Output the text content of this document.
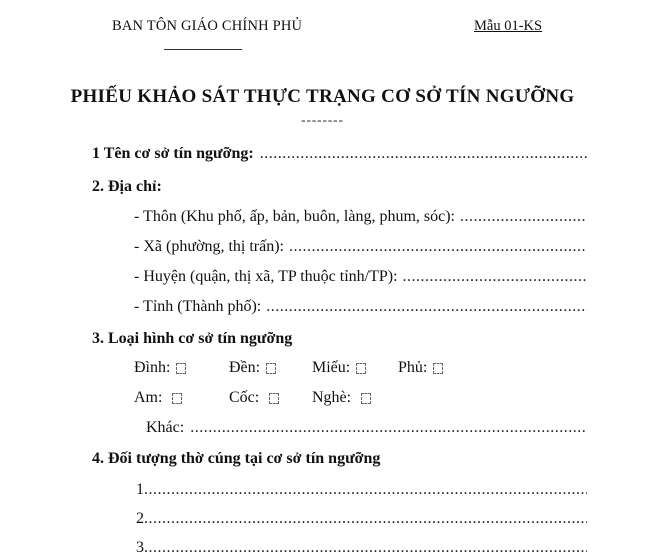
BAN TÔN GIÁO CHÍNH PHỦ	Mẫu 01-KS
PHIẾU KHẢO SÁT THỰC TRẠNG CƠ SỞ TÍN NGƯỠNG
--------
1 Tên cơ sở tín ngưỡng:
.....
2. Địa chỉ:
- Thôn (Khu phố, ấp, bản, buôn, làng, phum, sóc):
.....
- Xã (phường, thị trấn):
.....
- Huyện (quận, thị xã, TP thuộc tỉnh/TP):
.....
- Tỉnh (Thành phố):
.....
3. Loại hình cơ sở tín ngưỡng
Đình:	Đền:	Miếu:	Phủ:
Am:	Cốc:	Nghè:
Khác:
.....
4. Đối tượng thờ cúng tại cơ sở tín ngưỡng
1
.....
2
.....
3
.....
